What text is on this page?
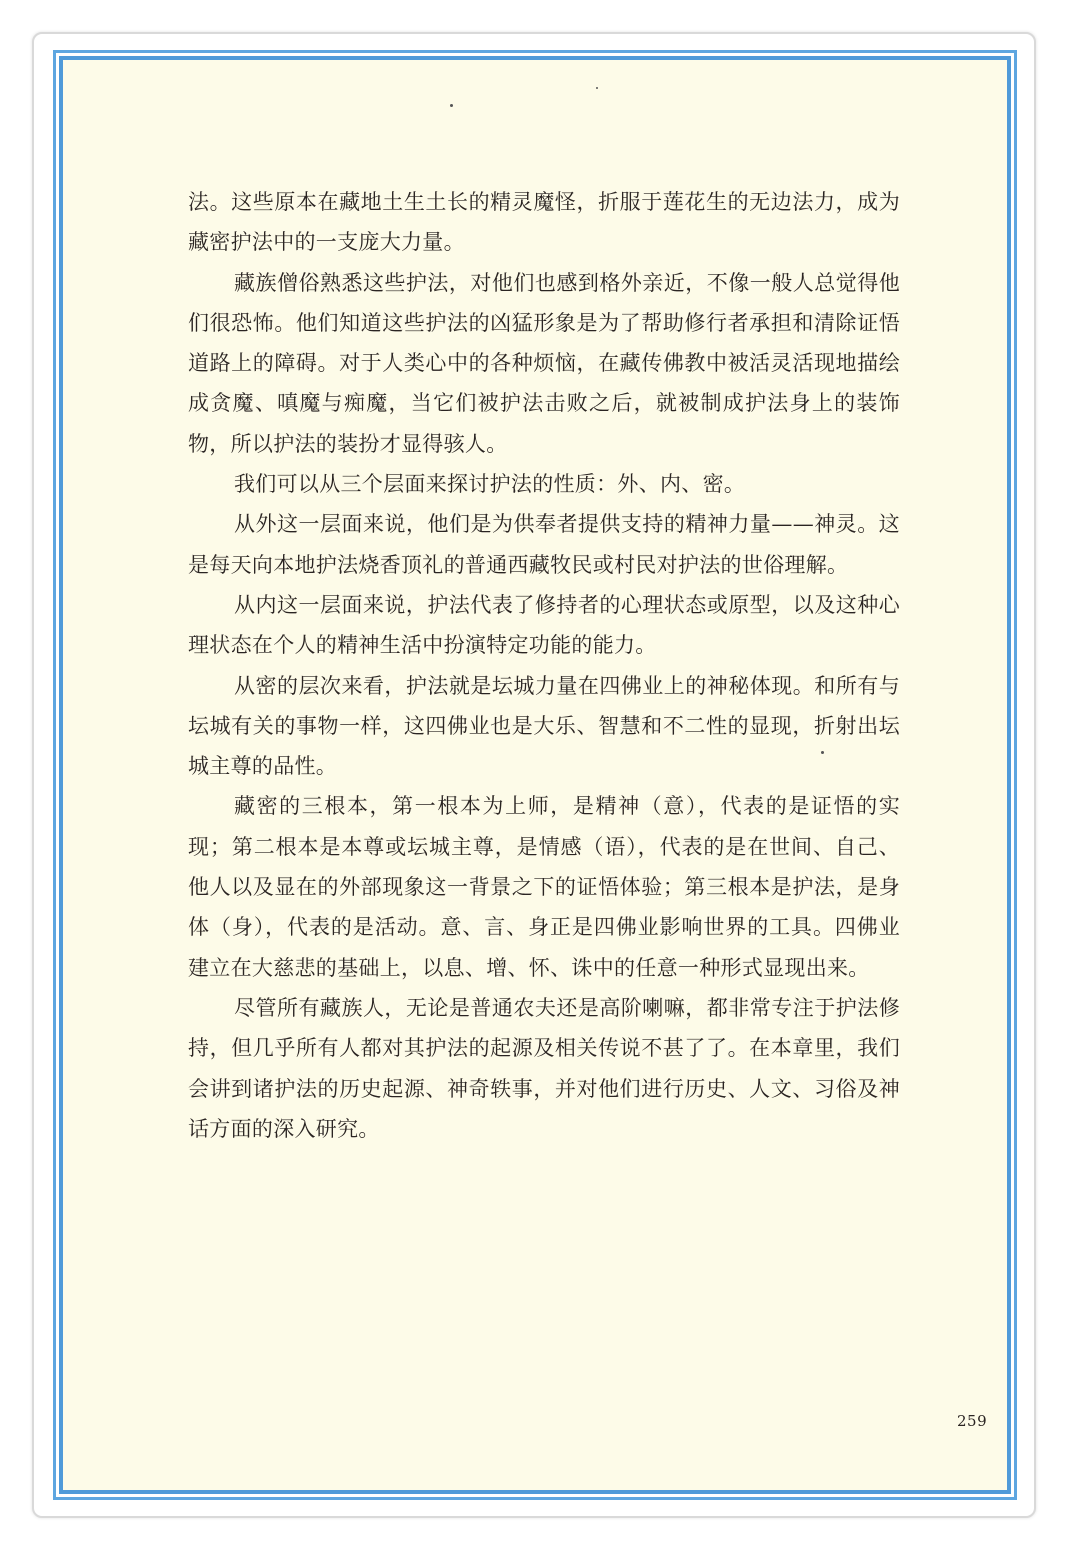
法。这些原本在藏地土生土长的精灵魔怪，折服于莲花生的无边法力，成为藏密护法中的一支庞大力量。

藏族僧俗熟悉这些护法，对他们也感到格外亲近，不像一般人总觉得他们很恐怖。他们知道这些护法的凶猛形象是为了帮助修行者承担和清除证悟道路上的障碍。对于人类心中的各种烦恼，在藏传佛教中被活灵活现地描绘成贪魔、嗔魔与痴魔，当它们被护法击败之后，就被制成护法身上的装饰物，所以护法的装扮才显得骇人。

我们可以从三个层面来探讨护法的性质：外、内、密。

从外这一层面来说，他们是为供奉者提供支持的精神力量——神灵。这是每天向本地护法烧香顶礼的普通西藏牧民或村民对护法的世俗理解。

从内这一层面来说，护法代表了修持者的心理状态或原型，以及这种心理状态在个人的精神生活中扮演特定功能的能力。

从密的层次来看，护法就是坛城力量在四佛业上的神秘体现。和所有与坛城有关的事物一样，这四佛业也是大乐、智慧和不二性的显现，折射出坛城主尊的品性。

藏密的三根本，第一根本为上师，是精神（意），代表的是证悟的实现；第二根本是本尊或坛城主尊，是情感（语），代表的是在世间、自己、他人以及显在的外部现象这一背景之下的证悟体验；第三根本是护法，是身体（身），代表的是活动。意、言、身正是四佛业影响世界的工具。四佛业建立在大慈悲的基础上，以息、增、怀、诛中的任意一种形式显现出来。

尽管所有藏族人，无论是普通农夫还是高阶喇嘛，都非常专注于护法修持，但几乎所有人都对其护法的起源及相关传说不甚了了。在本章里，我们会讲到诸护法的历史起源、神奇轶事，并对他们进行历史、人文、习俗及神话方面的深入研究。

259
